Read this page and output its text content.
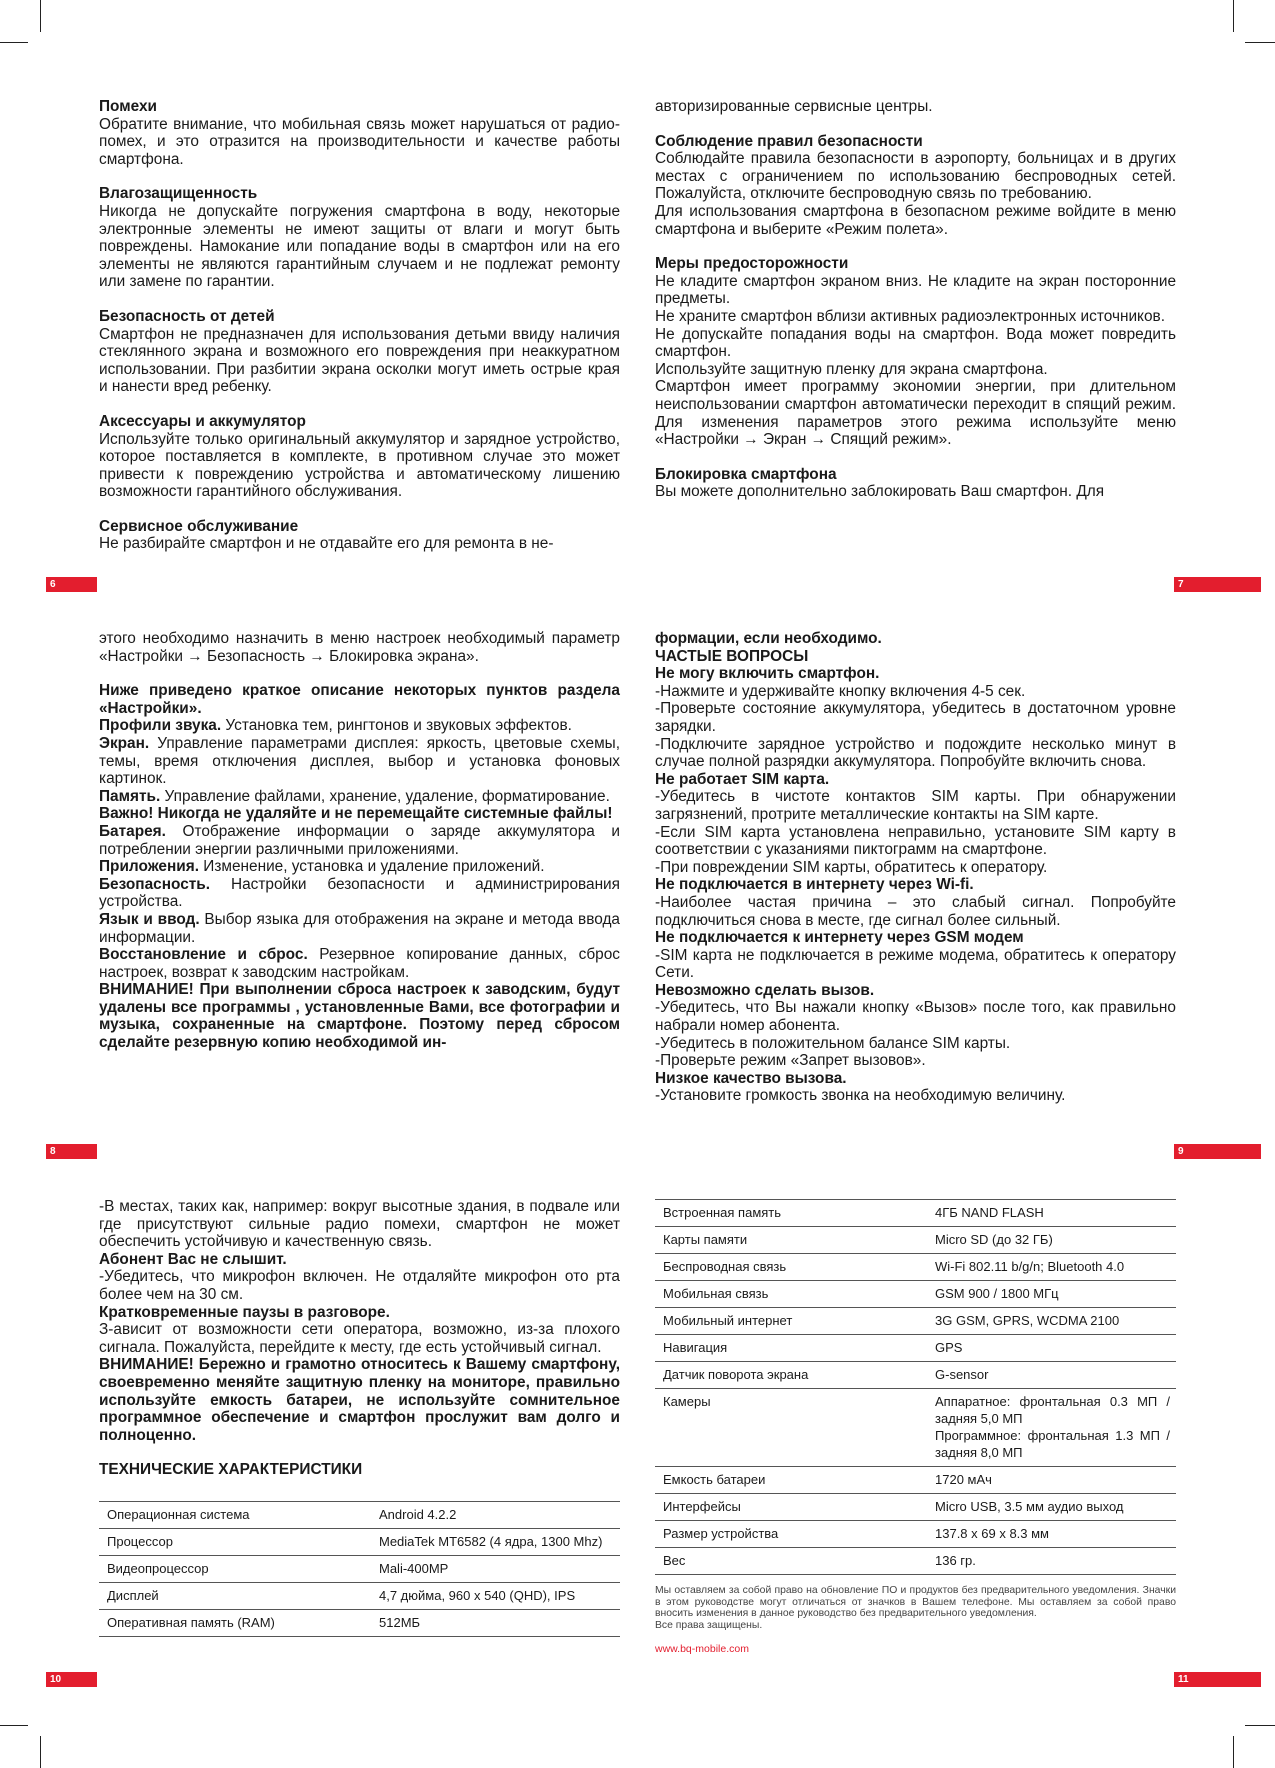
Помехи

Обратите внимание, что мобильная связь может нарушаться от радио- помех, и это отразится на производительности и качестве работы смартфона.

Влагозащищенность

Никогда не допускайте погружения смартфона в воду, некоторые электронные элементы не имеют защиты от влаги и могут быть повреждены. Намокание или попадание воды в смартфон или на его элементы не являются гарантийным случаем и не подлежат ремонту или замене по гарантии.

Безопасность от детей

Смартфон не предназначен для использования детьми ввиду наличия стеклянного экрана и возможного его повреждения при неаккуратном использовании. При разбитии экрана осколки могут иметь острые края и нанести вред ребенку.

Аксессуары и аккумулятор

Используйте только оригинальный аккумулятор и зарядное устройство, которое поставляется в комплекте, в противном случае это может привести к повреждению устройства и автоматическому лишению возможности гарантийного обслуживания.

Сервисное обслуживание

Не разбирайте смартфон и не отдавайте его для ремонта в не-

6

авторизированные сервисные центры.

Соблюдение правил безопасности

Соблюдайте правила безопасности в аэропорту, больницах и в других местах с ограничением по использованию беспроводных сетей. Пожалуйста, отключите беспроводную связь по требованию.

Для использования смартфона в безопасном режиме войдите в меню смартфона и выберите «Режим полета».

Меры предосторожности

Не кладите смартфон экраном вниз. Не кладите на экран посторонние предметы.

Не храните смартфон вблизи активных радиоэлектронных источников.

Не допускайте попадания воды на смартфон. Вода может повредить смартфон.

Используйте защитную пленку для экрана смартфона.

Смартфон имеет программу экономии энергии, при длительном неиспользовании смартфон автоматически переходит в спящий режим. Для изменения параметров этого режима используйте меню «Настройки → Экран → Спящий режим».

Блокировка смартфона

Вы можете дополнительно заблокировать Ваш смартфон. Для

7

этого необходимо назначить в меню настроек необходимый параметр «Настройки → Безопасность → Блокировка экрана».

Ниже приведено краткое описание некоторых пунктов раздела «Настройки».

Профили звука. Установка тем, рингтонов и звуковых эффектов.

Экран. Управление параметрами дисплея: яркость, цветовые схемы, темы, время отключения дисплея, выбор и установка фоновых картинок.

Память. Управление файлами, хранение, удаление, форматирование.

Важно! Никогда не удаляйте и не перемещайте системные файлы!

Батарея. Отображение информации о заряде аккумулятора и потреблении энергии различными приложениями.

Приложения. Изменение, установка и удаление приложений.

Безопасность. Настройки безопасности и администрирования устройства.

Язык и ввод. Выбор языка для отображения на экране и метода ввода информации.

Восстановление и сброс. Резервное копирование данных, сброс настроек, возврат к заводским настройкам.

ВНИМАНИЕ! При выполнении сброса настроек к заводским, будут удалены все программы , установленные Вами, все фотографии и музыка, сохраненные на смартфоне. Поэтому перед сбросом сделайте резервную копию необходимой ин-

8

формации, если необходимо.

ЧАСТЫЕ ВОПРОСЫ

Не могу включить смартфон.

-Нажмите и удерживайте кнопку включения 4-5 сек.

-Проверьте состояние аккумулятора, убедитесь в достаточном уровне зарядки.

-Подключите зарядное устройство и подождите несколько минут в случае полной разрядки аккумулятора. Попробуйте включить снова.

Не работает SIM карта.

-Убедитесь в чистоте контактов SIM карты. При обнаружении загрязнений, протрите металлические контакты на SIM карте.

-Если SIM карта установлена неправильно, установите SIM карту в соответствии с указаниями пиктограмм на смартфоне.

-При повреждении SIM карты, обратитесь к оператору.

Не подключается в интернету через Wi-fi.

-Наиболее частая причина – это слабый сигнал. Попробуйте подключиться снова в месте, где сигнал более сильный.

Не подключается к интернету через GSM модем

-SIM карта не подключается в режиме модема, обратитесь к оператору Сети.

Невозможно сделать вызов.

-Убедитесь, что Вы нажали кнопку «Вызов» после того, как правильно набрали номер абонента.

-Убедитесь в положительном балансе SIM карты.

-Проверьте режим «Запрет вызовов».

Низкое качество вызова.

-Установите громкость звонка на необходимую величину.

9

-В местах, таких как, например: вокруг высотные здания, в подвале или где присутствуют сильные радио помехи, смартфон не может обеспечить устойчивую и качественную связь.

Абонент Вас не слышит.

-Убедитесь, что микрофон включен. Не отдаляйте микрофон ото рта более чем на 30 см.

Кратковременные паузы в разговоре.

З-ависит от возможности сети оператора, возможно, из-за плохого сигнала. Пожалуйста, перейдите к месту, где есть устойчивый сигнал.

ВНИМАНИЕ! Бережно и грамотно относитесь к Вашему смартфону, своевременно меняйте защитную пленку на мониторе, правильно используйте емкость батареи, не используйте сомнительное программное обеспечение и смартфон прослужит вам долго и полноценно.

ТЕХНИЧЕСКИЕ ХАРАКТЕРИСТИКИ

Операционная система	Android 4.2.2
Процессор	MediaTek MT6582 (4 ядра, 1300 Mhz)
Видеопроцессор	Mali-400MP
Дисплей	4,7 дюйма, 960 x 540 (QHD), IPS
Оперативная память (RAM)	512МБ
10
Встроенная память	4ГБ NAND FLASH
Карты памяти	Micro SD (до 32 ГБ)
Беспроводная связь	Wi-Fi 802.11 b/g/n; Bluetooth 4.0
Мобильная связь	GSM 900 / 1800 МГц
Мобильный интернет	3G GSM, GPRS, WCDMA 2100
Навигация	GPS
Датчик поворота экрана	G-sensor
Камеры	Аппаратное: фронтальная 0.3 МП / задняя 5,0 МП
Программное: фронтальная 1.3 МП / задняя 8,0 МП
Емкость батареи	1720 мАч
Интерфейсы	Micro USB, 3.5 мм аудио выход
Размер устройства	137.8 x 69 x 8.3 мм
Вес	136 гр.

Мы оставляем за собой право на обновление ПО и продуктов без предварительного уведомления. Значки в этом руководстве могут отличаться от значков в Вашем телефоне. Мы оставляем за собой право вносить изменения в данное руководство без предварительного уведомления.

Все права защищены.

www.bq-mobile.com

11
